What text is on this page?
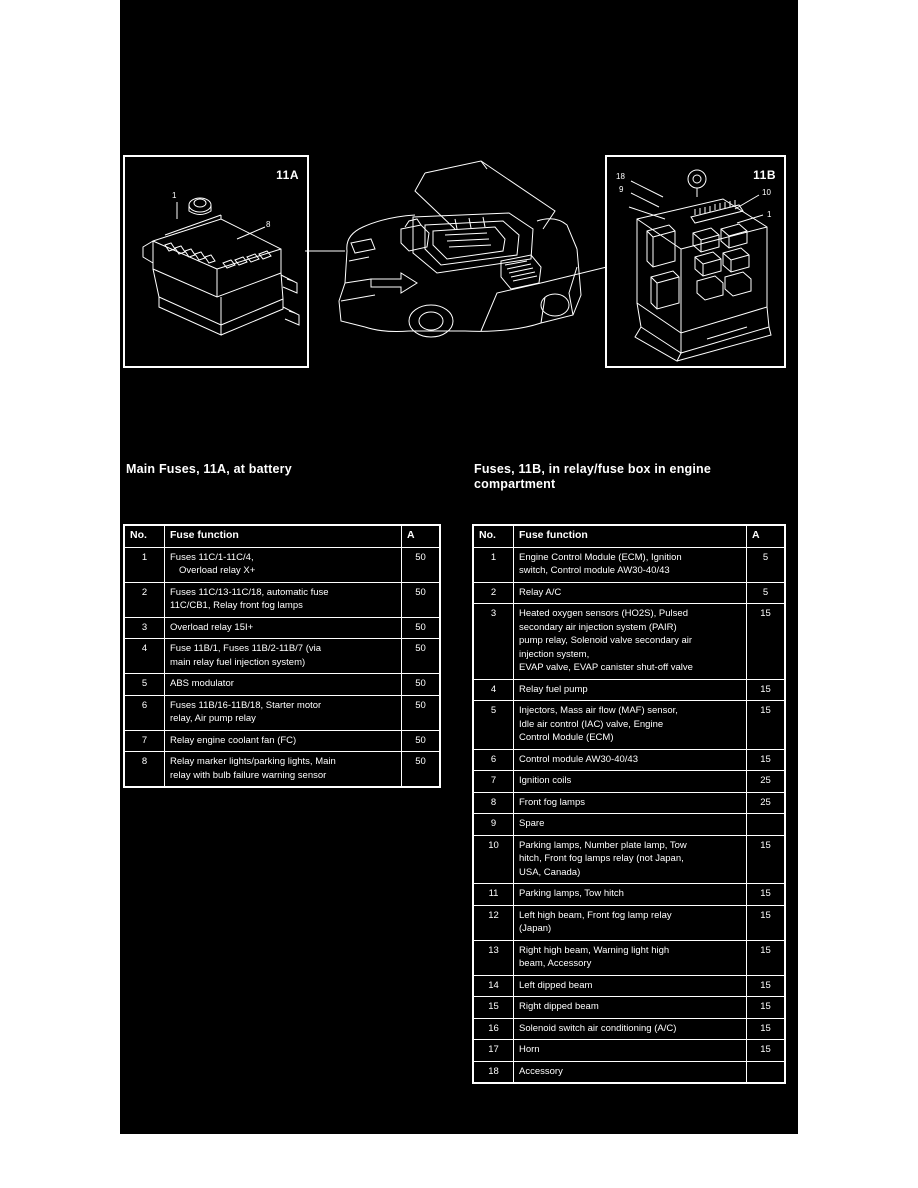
11A
1
8
11B
18
9	10
1
Main Fuses, 11A, at battery	Fuses, 11B, in relay/fuse box in engine compartment
No.	Fuse function	A
1	Fuses 11C/1-11C/4,
Overload relay X+	50
2	Fuses 11C/13-11C/18, automatic fuse
11C/CB1, Relay front fog lamps	50
3	Overload relay 15I+	50
4	Fuse 11B/1, Fuses 11B/2-11B/7 (via
main relay fuel injection system)	50
5	ABS modulator	50
6	Fuses 11B/16-11B/18, Starter motor
relay, Air pump relay	50
7	Relay engine coolant fan (FC)	50
8	Relay marker lights/parking lights, Main
relay with bulb failure warning sensor	50
No.	Fuse function	A
1	Engine Control Module (ECM), Ignition
switch, Control module AW30-40/43	5
2	Relay A/C	5
3	Heated oxygen sensors (HO2S), Pulsed
secondary air injection system (PAIR)
pump relay, Solenoid valve secondary air
injection system,
EVAP valve, EVAP canister shut-off valve	15
4	Relay fuel pump	15
5	Injectors, Mass air flow (MAF) sensor,
Idle air control (IAC) valve, Engine
Control Module (ECM)	15
6	Control module AW30-40/43	15
7	Ignition coils	25
8	Front fog lamps	25
9	Spare	
10	Parking lamps, Number plate lamp, Tow
hitch, Front fog lamps relay (not Japan,
USA, Canada)	15
11	Parking lamps, Tow hitch	15
12	Left high beam, Front fog lamp relay
(Japan)	15
13	Right high beam, Warning light high
beam, Accessory	15
14	Left dipped beam	15
15	Right dipped beam	15
16	Solenoid switch air conditioning (A/C)	15
17	Horn	15
18	Accessory	
